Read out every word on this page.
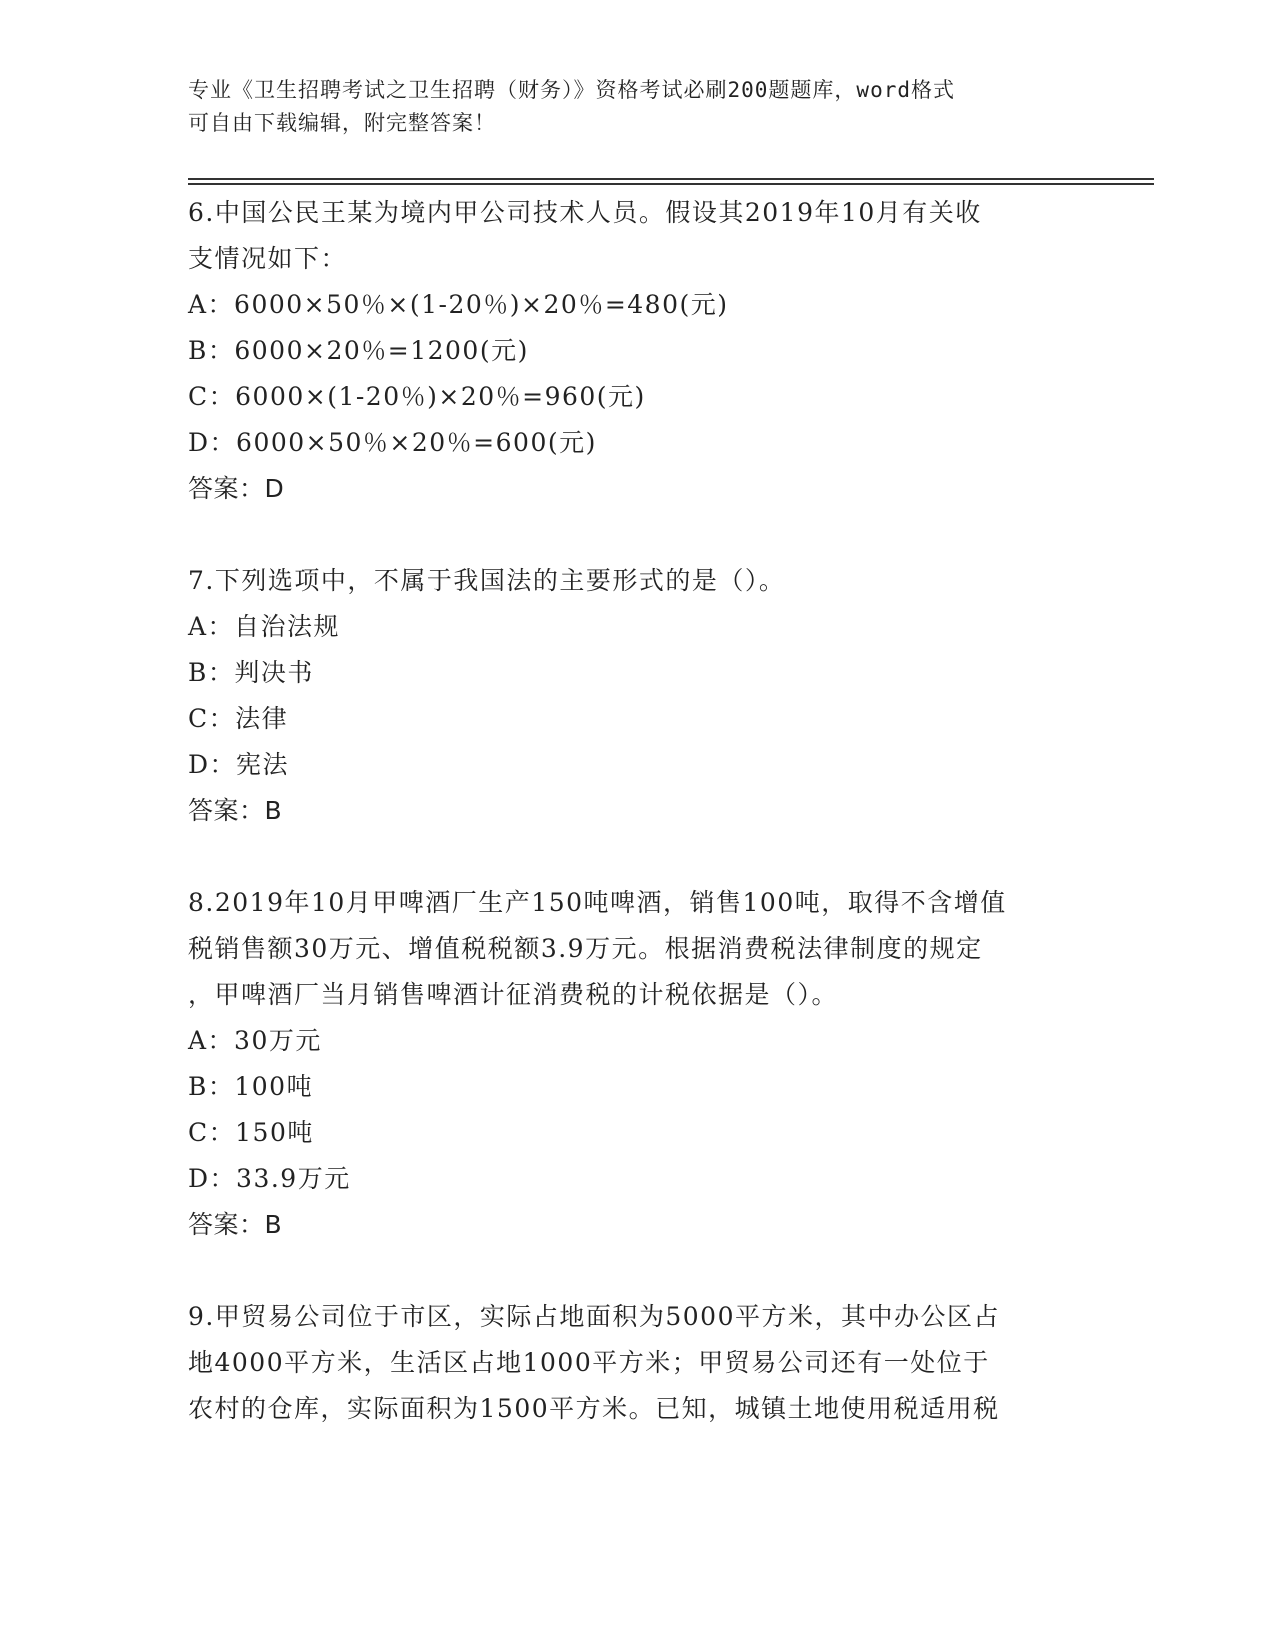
专业《卫生招聘考试之卫生招聘（财务）》资格考试必刷200题题库，word格式
可自由下载编辑，附完整答案！
6.中国公民王某为境内甲公司技术人员。假设其2019年10月有关收
支情况如下：
A：6000×50％×(1-20％)×20％=480(元)
B：6000×20％=1200(元)
C：6000×(1-20％)×20％=960(元)
D：6000×50％×20％=600(元)
答案：D
7.下列选项中，不属于我国法的主要形式的是（）。
A：自治法规
B：判决书
C：法律
D：宪法
答案：B
8.2019年10月甲啤酒厂生产150吨啤酒，销售100吨，取得不含增值
税销售额30万元、增值税税额3.9万元。根据消费税法律制度的规定
，甲啤酒厂当月销售啤酒计征消费税的计税依据是（）。
A：30万元
B：100吨
C：150吨
D：33.9万元
答案：B
9.甲贸易公司位于市区，实际占地面积为5000平方米，其中办公区占
地4000平方米，生活区占地1000平方米；甲贸易公司还有一处位于
农村的仓库，实际面积为1500平方米。已知，城镇土地使用税适用税
